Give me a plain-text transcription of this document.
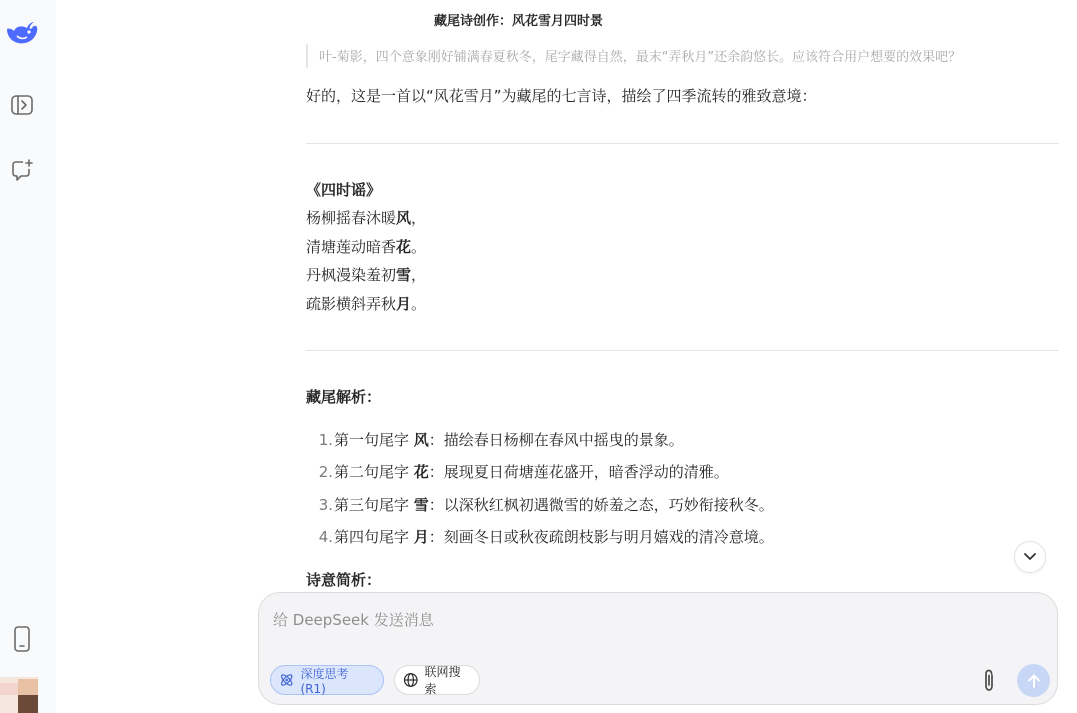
藏尾诗创作：风花雪月四时景
叶-菊影，四个意象刚好铺满春夏秋冬，尾字藏得自然，最末“弄秋月”还余韵悠长。应该符合用户想要的效果吧？
好的，这是一首以“风花雪月”为藏尾的七言诗，描绘了四季流转的雅致意境：
《四时谣》
杨柳摇春沐暖风，
清塘莲动暗香花。
丹枫漫染羞初雪，
疏影横斜弄秋月。
藏尾解析：
1.第一句尾字 风：描绘春日杨柳在春风中摇曳的景象。
2.第二句尾字 花：展现夏日荷塘莲花盛开，暗香浮动的清雅。
3.第三句尾字 雪：以深秋红枫初遇微雪的娇羞之态，巧妙衔接秋冬。
4.第四句尾字 月：刻画冬日或秋夜疏朗枝影与明月嬉戏的清冷意境。
诗意简析：
给 DeepSeek 发送消息
深度思考 (R1)
联网搜索
